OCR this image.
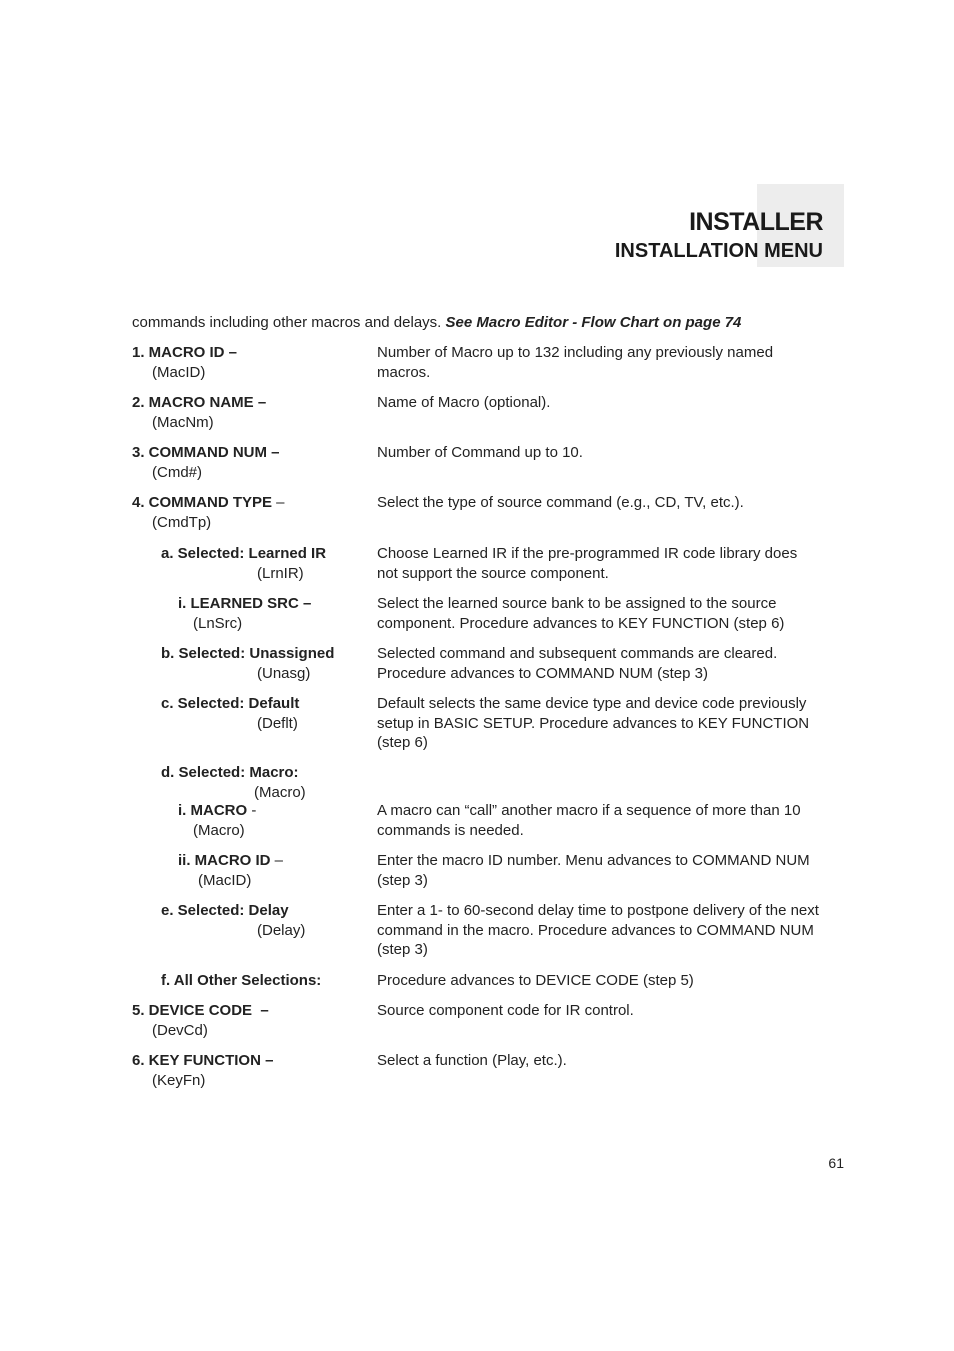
INSTALLER
INSTALLATION MENU
commands including other macros and delays. See Macro Editor - Flow Chart on page 74
1. MACRO ID –
(MacID)
Number of Macro up to 132 including any previously named macros.
2. MACRO NAME –
(MacNm)
Name of Macro (optional).
3. COMMAND NUM –
(Cmd#)
Number of Command up to 10.
4. COMMAND TYPE –
(CmdTp)
Select the type of source command (e.g., CD, TV, etc.).
a. Selected: Learned IR
(LrnIR)
Choose Learned IR if the pre-programmed IR code library does not support the source component.
i. LEARNED SRC –
(LnSrc)
Select the learned source bank to be assigned to the source component. Procedure advances to KEY FUNCTION (step 6)
b. Selected: Unassigned
(Unasg)
Selected command and subsequent commands are cleared. Procedure advances to COMMAND NUM (step 3)
c. Selected: Default
(Deflt)
Default selects the same device type and device code previously setup in BASIC SETUP. Procedure advances to KEY FUNCTION (step 6)
d. Selected: Macro:
(Macro)
i. MACRO -
(Macro)
A macro can “call” another macro if a sequence of more than 10 commands is needed.
ii. MACRO ID –
(MacID)
Enter the macro ID number. Menu advances to COMMAND NUM (step 3)
e. Selected: Delay
(Delay)
Enter a 1- to 60-second delay time to postpone delivery of the next command in the macro. Procedure advances to COMMAND NUM (step 3)
f. All Other Selections:	Procedure advances to DEVICE CODE (step 5)
5. DEVICE CODE  –
(DevCd)
Source component code for IR control.
6. KEY FUNCTION –
(KeyFn)
Select a function (Play, etc.).
61
